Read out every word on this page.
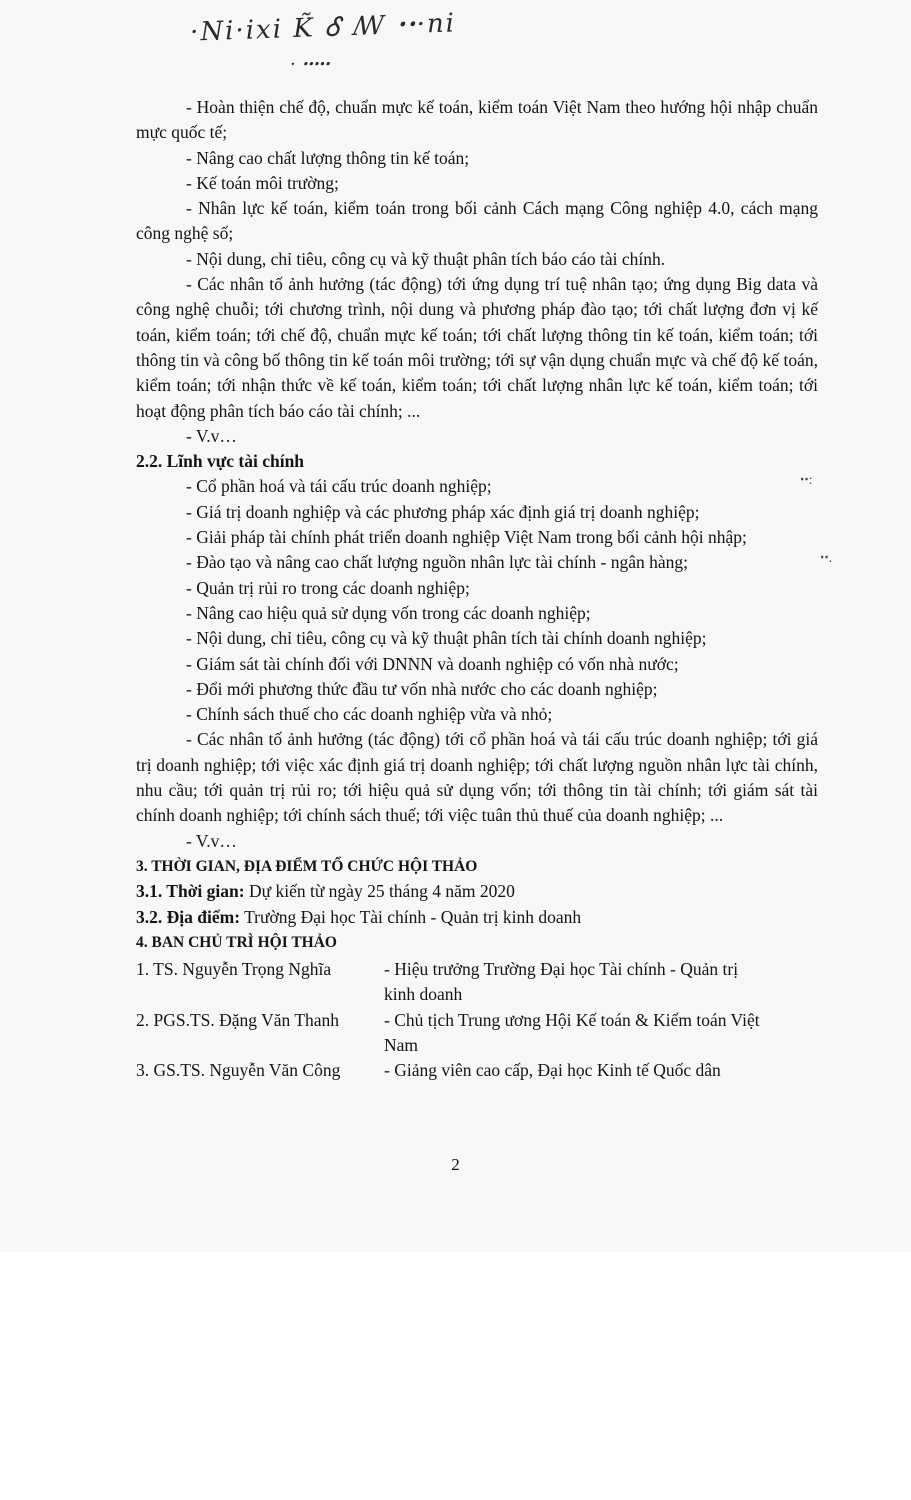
·Ni·ixi K̃ Ꮄ ꟿ ꞏꞏ·ni
· ꞏꞏꞏꞏꞏ
ꞏꞏ:
ꞏꞏ.

- Hoàn thiện chế độ, chuẩn mực kế toán, kiểm toán Việt Nam theo hướng hội nhập chuẩn mực quốc tế;

- Nâng cao chất lượng thông tin kế toán;

- Kế toán môi trường;

- Nhân lực kế toán, kiểm toán trong bối cảnh Cách mạng Công nghiệp 4.0, cách mạng công nghệ số;

- Nội dung, chỉ tiêu, công cụ và kỹ thuật phân tích báo cáo tài chính.

- Các nhân tố ảnh hưởng (tác động) tới ứng dụng trí tuệ nhân tạo; ứng dụng Big data và công nghệ chuỗi; tới chương trình, nội dung và phương pháp đào tạo; tới chất lượng đơn vị kế toán, kiểm toán; tới chế độ, chuẩn mực kế toán; tới chất lượng thông tin kế toán, kiểm toán; tới thông tin và công bố thông tin kế toán môi trường; tới sự vận dụng chuẩn mực và chế độ kế toán, kiểm toán; tới nhận thức về kế toán, kiểm toán; tới chất lượng nhân lực kế toán, kiểm toán; tới hoạt động phân tích báo cáo tài chính; ...

- V.v…

2.2. Lĩnh vực tài chính

- Cổ phần hoá và tái cấu trúc doanh nghiệp;

- Giá trị doanh nghiệp và các phương pháp xác định giá trị doanh nghiệp;

- Giải pháp tài chính phát triển doanh nghiệp Việt Nam trong bối cảnh hội nhập;

- Đào tạo và nâng cao chất lượng nguồn nhân lực tài chính - ngân hàng;

- Quản trị rủi ro trong các doanh nghiệp;

- Nâng cao hiệu quả sử dụng vốn trong các doanh nghiệp;

- Nội dung, chỉ tiêu, công cụ và kỹ thuật phân tích tài chính doanh nghiệp;

- Giám sát tài chính đối với DNNN và doanh nghiệp có vốn nhà nước;

- Đổi mới phương thức đầu tư vốn nhà nước cho các doanh nghiệp;

- Chính sách thuế cho các doanh nghiệp vừa và nhỏ;

- Các nhân tố ảnh hưởng (tác động) tới cổ phần hoá và tái cấu trúc doanh nghiệp; tới giá trị doanh nghiệp; tới việc xác định giá trị doanh nghiệp; tới chất lượng nguồn nhân lực tài chính, nhu cầu; tới quản trị rủi ro; tới hiệu quả sử dụng vốn; tới thông tin tài chính; tới giám sát tài chính doanh nghiệp; tới chính sách thuế; tới việc tuân thủ thuế của doanh nghiệp; ...

- V.v…

3. THỜI GIAN, ĐỊA ĐIỂM TỔ CHỨC HỘI THẢO

3.1. Thời gian: Dự kiến từ ngày 25 tháng 4 năm 2020

3.2. Địa điểm: Trường Đại học Tài chính - Quản trị kinh doanh

4. BAN CHỦ TRÌ HỘI THẢO

1. TS. Nguyễn Trọng Nghĩa	- Hiệu trưởng Trường Đại học Tài chính - Quản trị kinh doanh
2. PGS.TS. Đặng Văn Thanh	- Chủ tịch Trung ương Hội Kế toán & Kiểm toán Việt Nam
3. GS.TS. Nguyễn Văn Công	- Giảng viên cao cấp, Đại học Kinh tế Quốc dân
2
